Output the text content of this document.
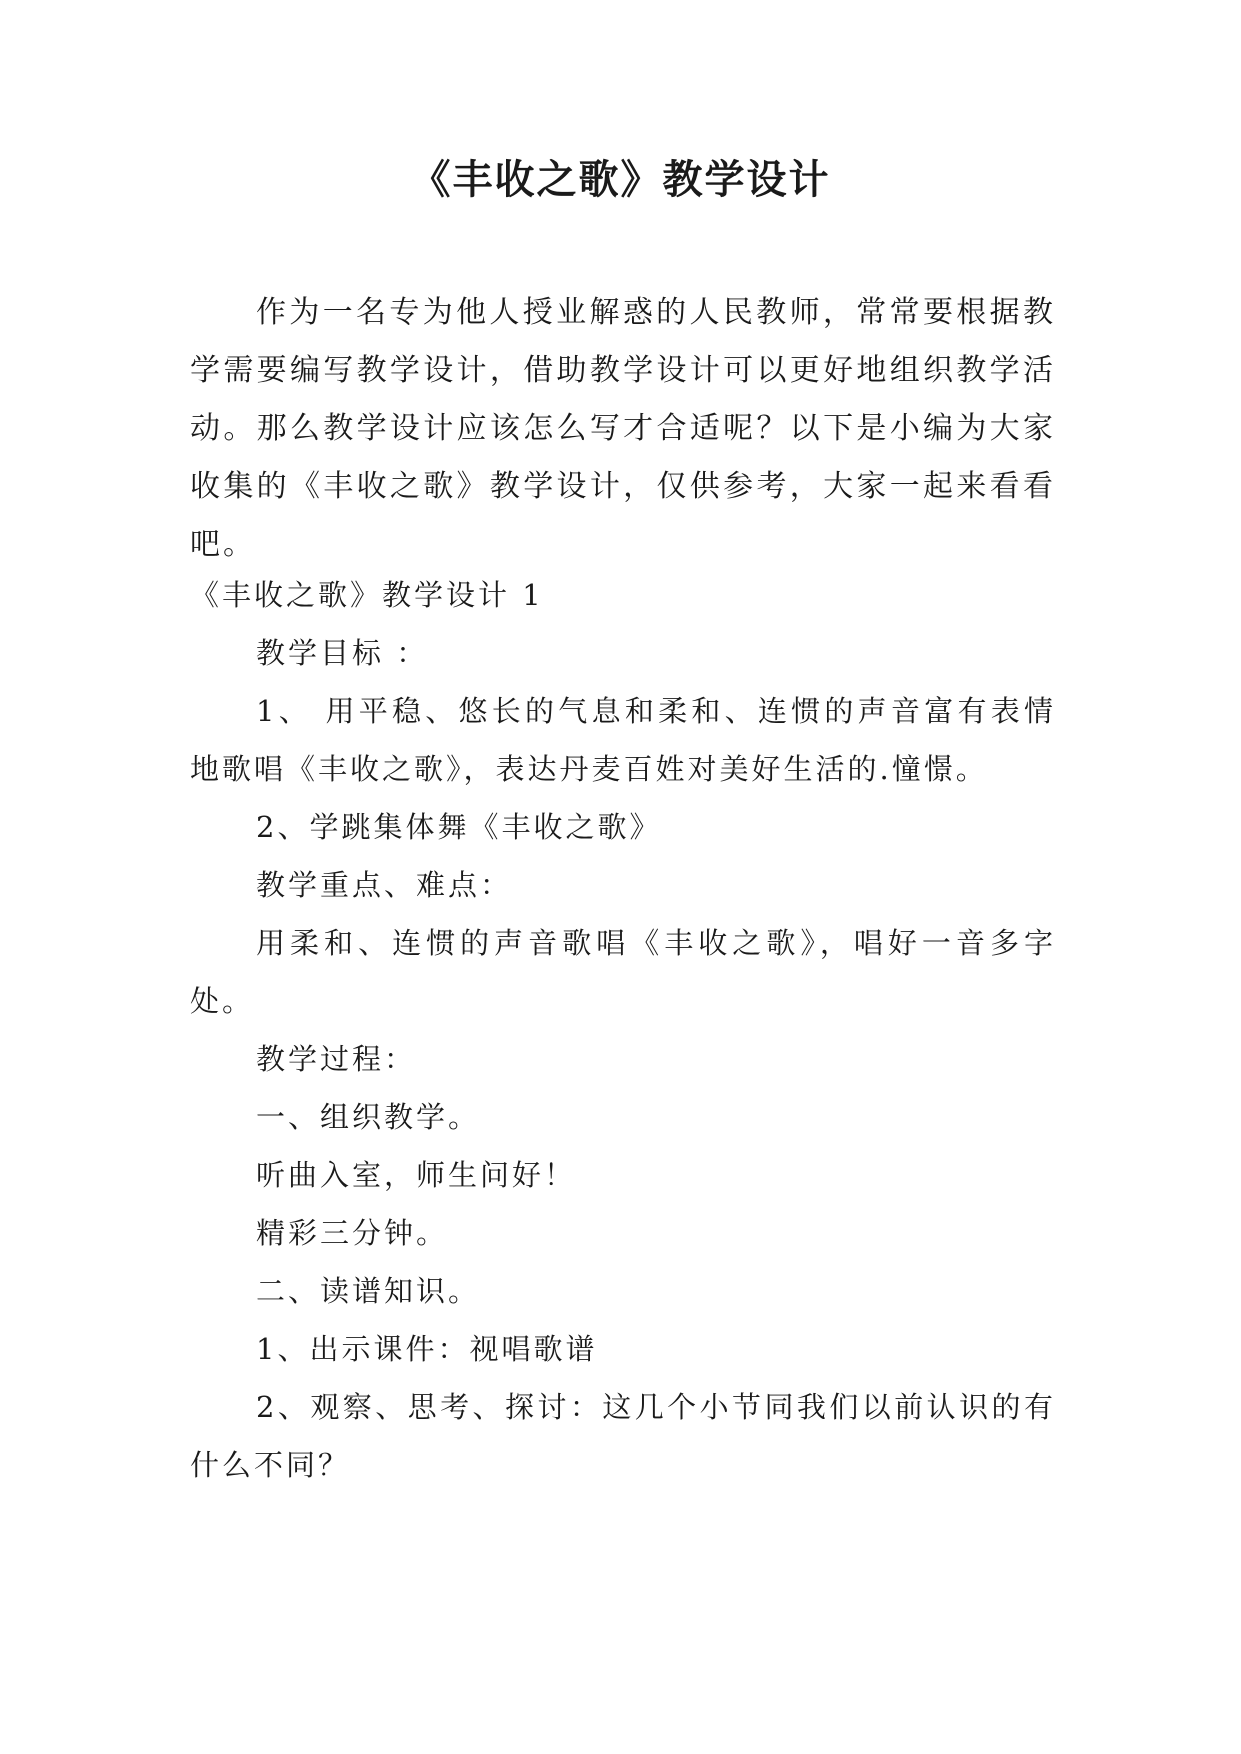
《丰收之歌》教学设计

作为一名专为他人授业解惑的人民教师，常常要根据教学需要编写教学设计，借助教学设计可以更好地组织教学活动。那么教学设计应该怎么写才合适呢？以下是小编为大家收集的《丰收之歌》教学设计，仅供参考，大家一起来看看吧。

《丰收之歌》教学设计 1

教学目标 ：

1、 用平稳、悠长的气息和柔和、连惯的声音富有表情地歌唱《丰收之歌》，表达丹麦百姓对美好生活的.憧憬。

2、学跳集体舞《丰收之歌》

教学重点、难点：

用柔和、连惯的声音歌唱《丰收之歌》，唱好一音多字处。

教学过程：

一、组织教学。

听曲入室，师生问好！

精彩三分钟。

二、读谱知识。

1、出示课件：视唱歌谱

2、观察、思考、探讨：这几个小节同我们以前认识的有什么不同？
